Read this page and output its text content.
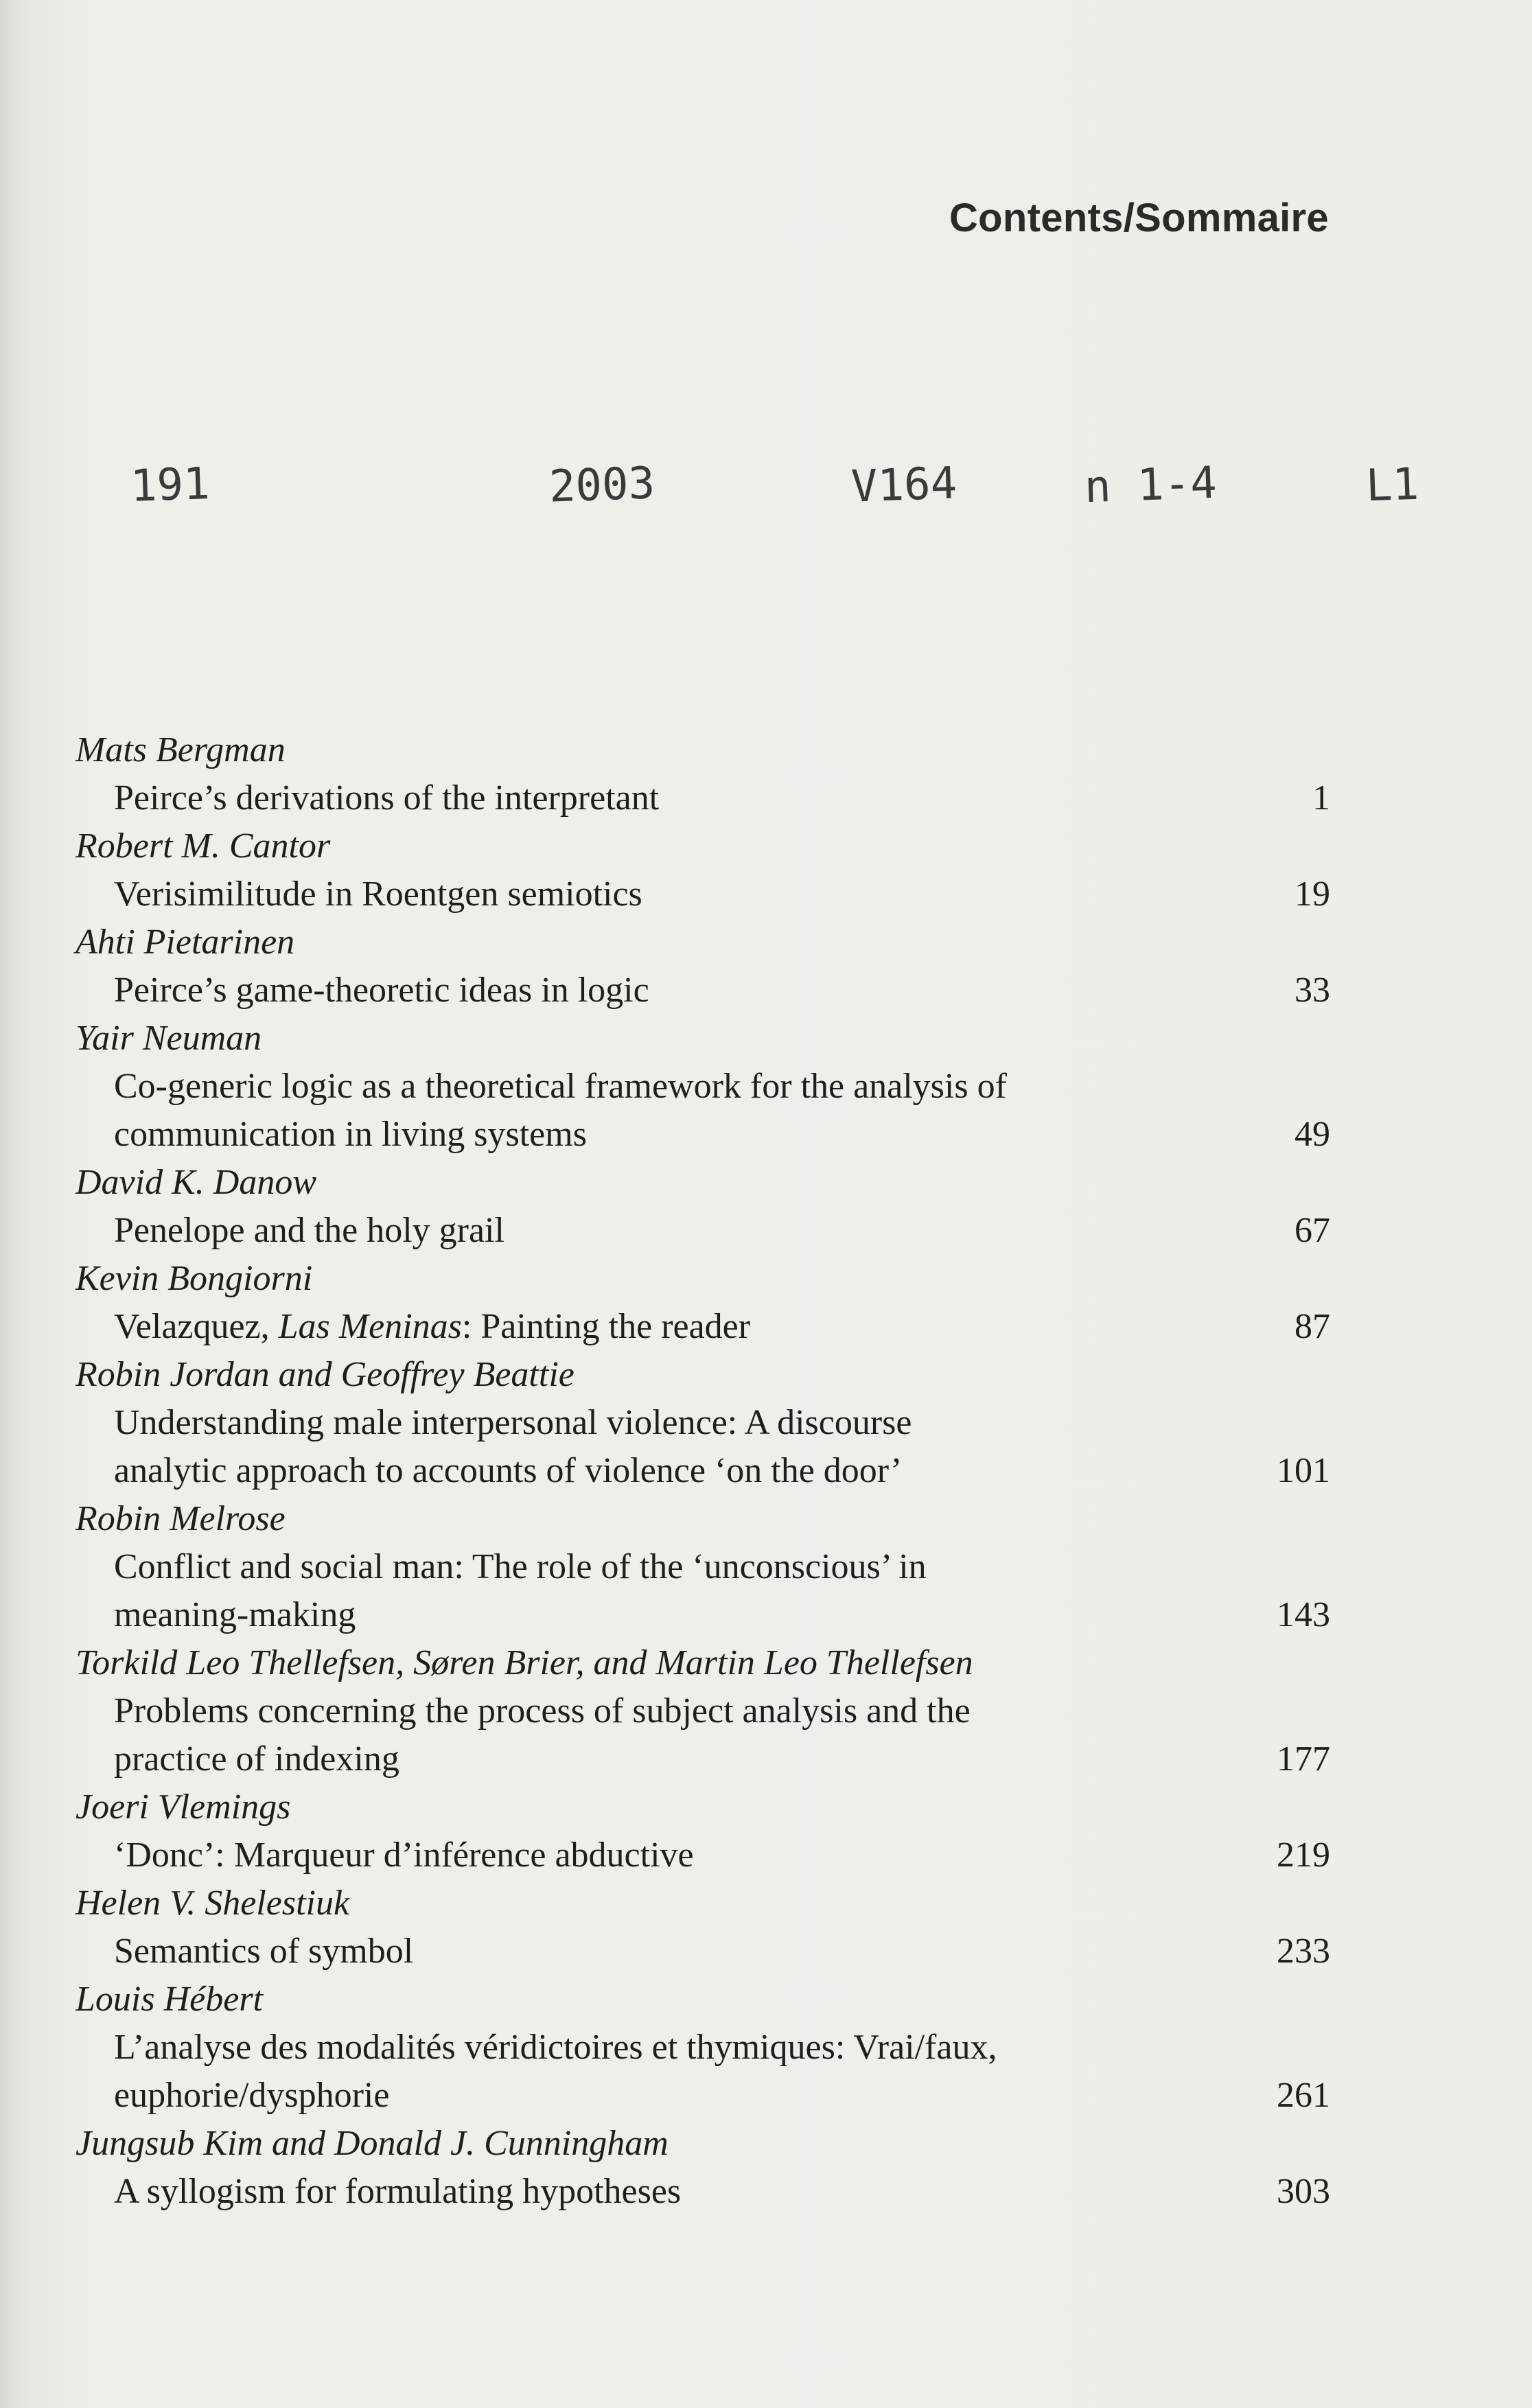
Contents/Sommaire
191	2003	V164	n 1-4	L1
Mats Bergman
Peirce’s derivations of the interpretant	1
Robert M. Cantor
Verisimilitude in Roentgen semiotics	19
Ahti Pietarinen
Peirce’s game-theoretic ideas in logic	33
Yair Neuman
Co-generic logic as a theoretical framework for the analysis of
communication in living systems	49
David K. Danow
Penelope and the holy grail	67
Kevin Bongiorni
Velazquez, Las Meninas: Painting the reader	87
Robin Jordan and Geoffrey Beattie
Understanding male interpersonal violence: A discourse
analytic approach to accounts of violence ‘on the door’	101
Robin Melrose
Conflict and social man: The role of the ‘unconscious’ in
meaning-making	143
Torkild Leo Thellefsen, Søren Brier, and Martin Leo Thellefsen
Problems concerning the process of subject analysis and the
practice of indexing	177
Joeri Vlemings
‘Donc’: Marqueur d’inférence abductive	219
Helen V. Shelestiuk
Semantics of symbol	233
Louis Hébert
L’analyse des modalités véridictoires et thymiques: Vrai/faux,
euphorie/dysphorie	261
Jungsub Kim and Donald J. Cunningham
A syllogism for formulating hypotheses	303
